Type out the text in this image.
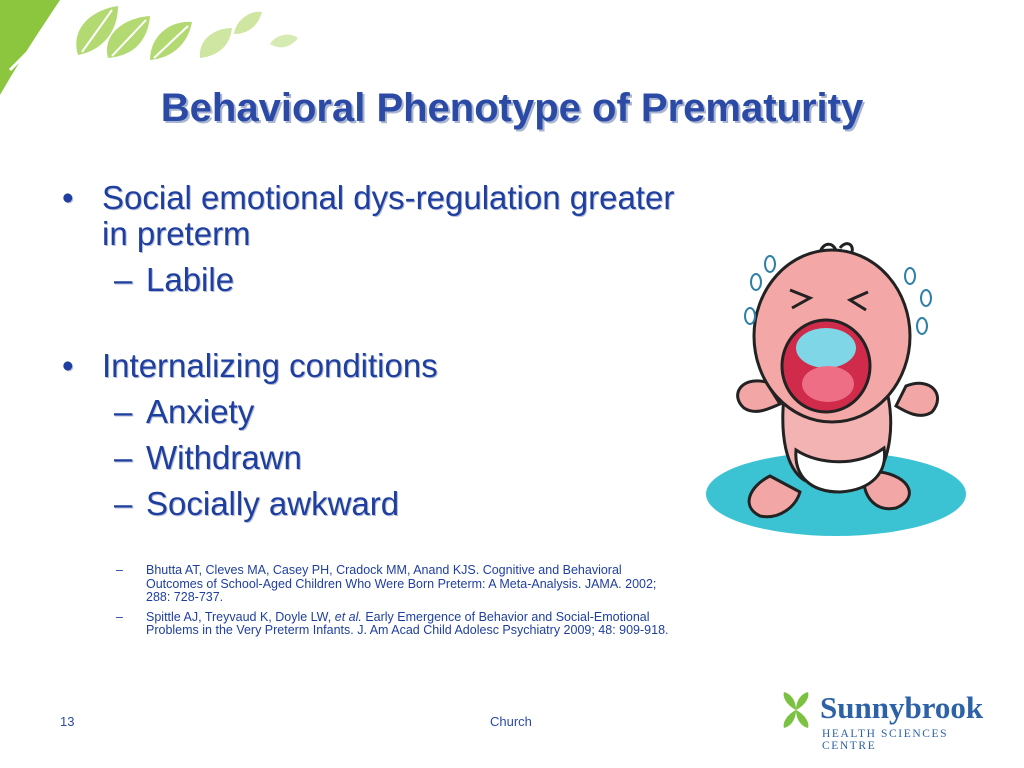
Behavioral Phenotype of Prematurity
• Social emotional dys-regulation greater in preterm
– Labile
• Internalizing conditions
– Anxiety
– Withdrawn
– Socially awkward
– Bhutta AT, Cleves MA, Casey PH, Cradock MM, Anand KJS. Cognitive and Behavioral Outcomes of School-Aged Children Who Were Born Preterm: A Meta-Analysis. JAMA. 2002; 288: 728-737.
– Spittle AJ, Treyvaud K, Doyle LW, et al. Early Emergence of Behavior and Social-Emotional Problems in the Very Preterm Infants. J. Am Acad Child Adolesc Psychiatry 2009; 48: 909-918.
13	Church	Sunnybrook
HEALTH SCIENCES CENTRE
